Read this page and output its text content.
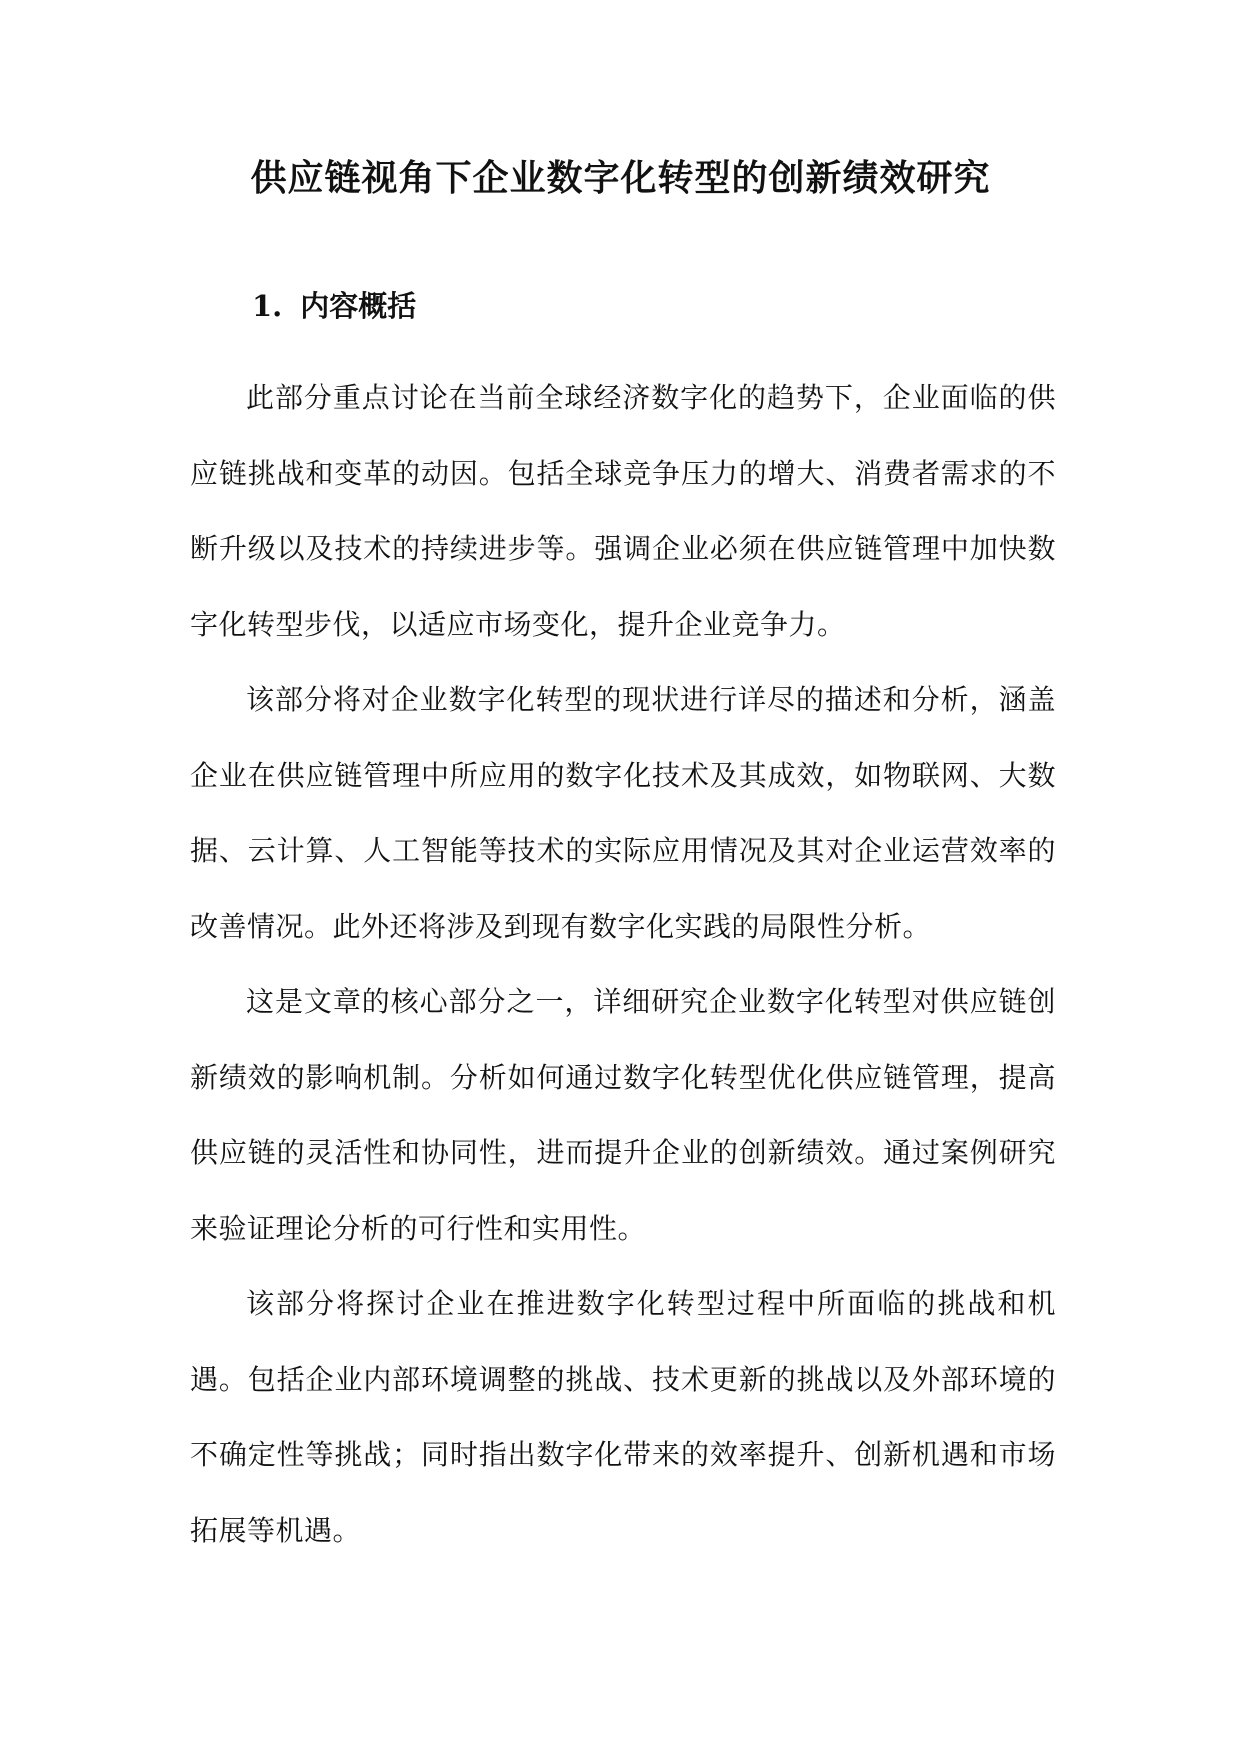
供应链视角下企业数字化转型的创新绩效研究
1. 内容概括

此部分重点讨论在当前全球经济数字化的趋势下，企业面临的供应链挑战和变革的动因。包括全球竞争压力的增大、消费者需求的不断升级以及技术的持续进步等。强调企业必须在供应链管理中加快数字化转型步伐，以适应市场变化，提升企业竞争力。

该部分将对企业数字化转型的现状进行详尽的描述和分析，涵盖企业在供应链管理中所应用的数字化技术及其成效，如物联网、大数据、云计算、人工智能等技术的实际应用情况及其对企业运营效率的改善情况。此外还将涉及到现有数字化实践的局限性分析。

这是文章的核心部分之一，详细研究企业数字化转型对供应链创新绩效的影响机制。分析如何通过数字化转型优化供应链管理，提高供应链的灵活性和协同性，进而提升企业的创新绩效。通过案例研究来验证理论分析的可行性和实用性。

该部分将探讨企业在推进数字化转型过程中所面临的挑战和机遇。包括企业内部环境调整的挑战、技术更新的挑战以及外部环境的不确定性等挑战；同时指出数字化带来的效率提升、创新机遇和市场拓展等机遇。
